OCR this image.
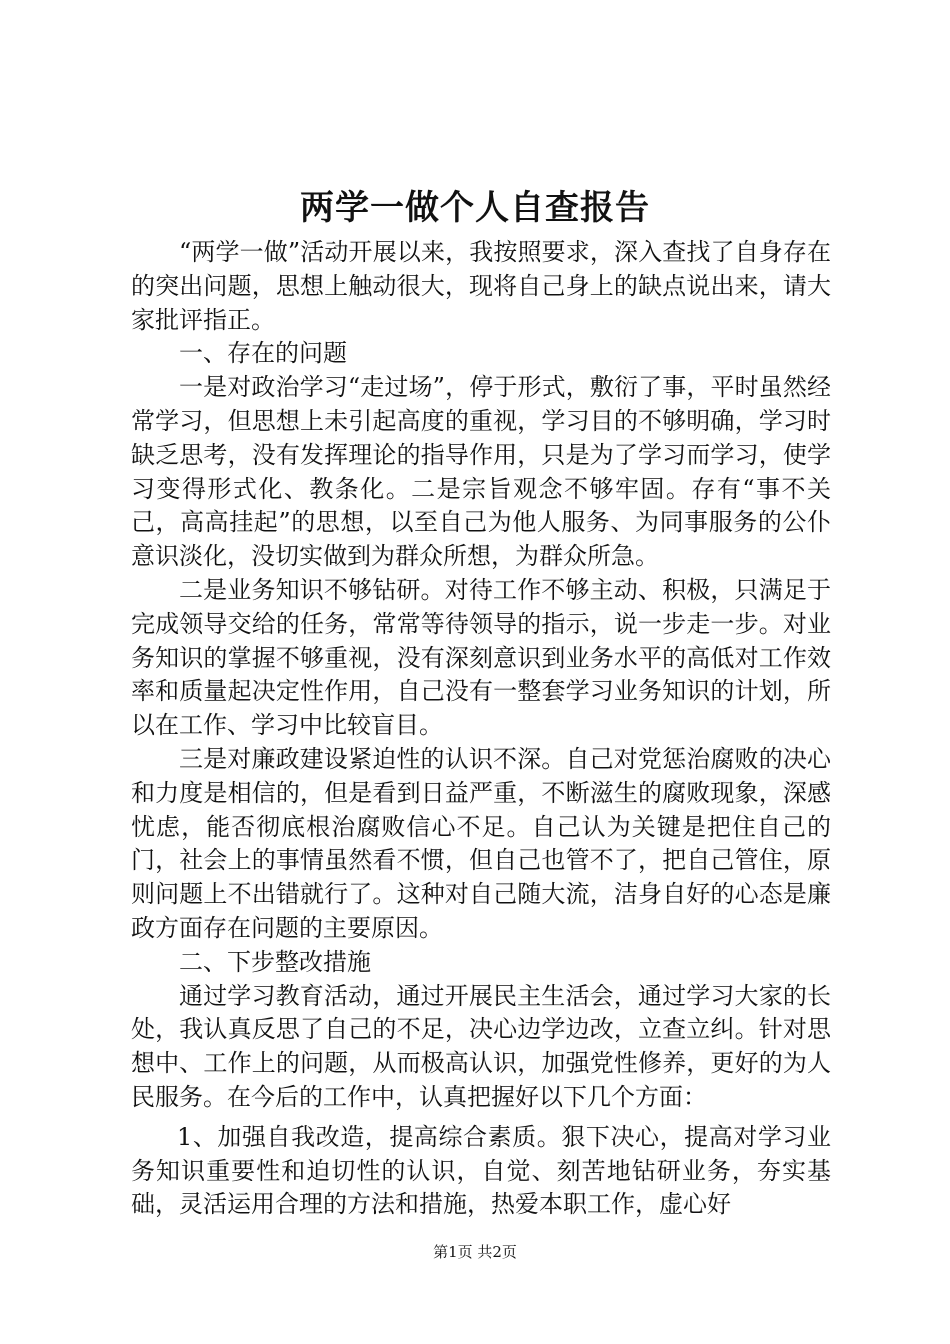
两学一做个人自查报告

“两学一做”活动开展以来，我按照要求，深入查找了自身存在的突出问题，思想上触动很大，现将自己身上的缺点说出来，请大家批评指正。

一、存在的问题

一是对政治学习“走过场”，停于形式，敷衍了事，平时虽然经常学习，但思想上未引起高度的重视，学习目的不够明确，学习时缺乏思考，没有发挥理论的指导作用，只是为了学习而学习，使学习变得形式化、教条化。二是宗旨观念不够牢固。存有“事不关己，高高挂起”的思想，以至自己为他人服务、为同事服务的公仆意识淡化，没切实做到为群众所想，为群众所急。

二是业务知识不够钻研。对待工作不够主动、积极，只满足于完成领导交给的任务，常常等待领导的指示，说一步走一步。对业务知识的掌握不够重视，没有深刻意识到业务水平的高低对工作效率和质量起决定性作用，自己没有一整套学习业务知识的计划，所以在工作、学习中比较盲目。

三是对廉政建设紧迫性的认识不深。自己对党惩治腐败的决心和力度是相信的，但是看到日益严重，不断滋生的腐败现象，深感忧虑，能否彻底根治腐败信心不足。自己认为关键是把住自己的门，社会上的事情虽然看不惯，但自己也管不了，把自己管住，原则问题上不出错就行了。这种对自己随大流，洁身自好的心态是廉政方面存在问题的主要原因。

二、下步整改措施

通过学习教育活动，通过开展民主生活会，通过学习大家的长处，我认真反思了自己的不足，决心边学边改，立查立纠。针对思想中、工作上的问题，从而极高认识，加强党性修养，更好的为人民服务。在今后的工作中，认真把握好以下几个方面：

1、加强自我改造，提高综合素质。狠下决心，提高对学习业务知识重要性和迫切性的认识，自觉、刻苦地钻研业务，夯实基础，灵活运用合理的方法和措施，热爱本职工作，虚心好

第1页 共2页
